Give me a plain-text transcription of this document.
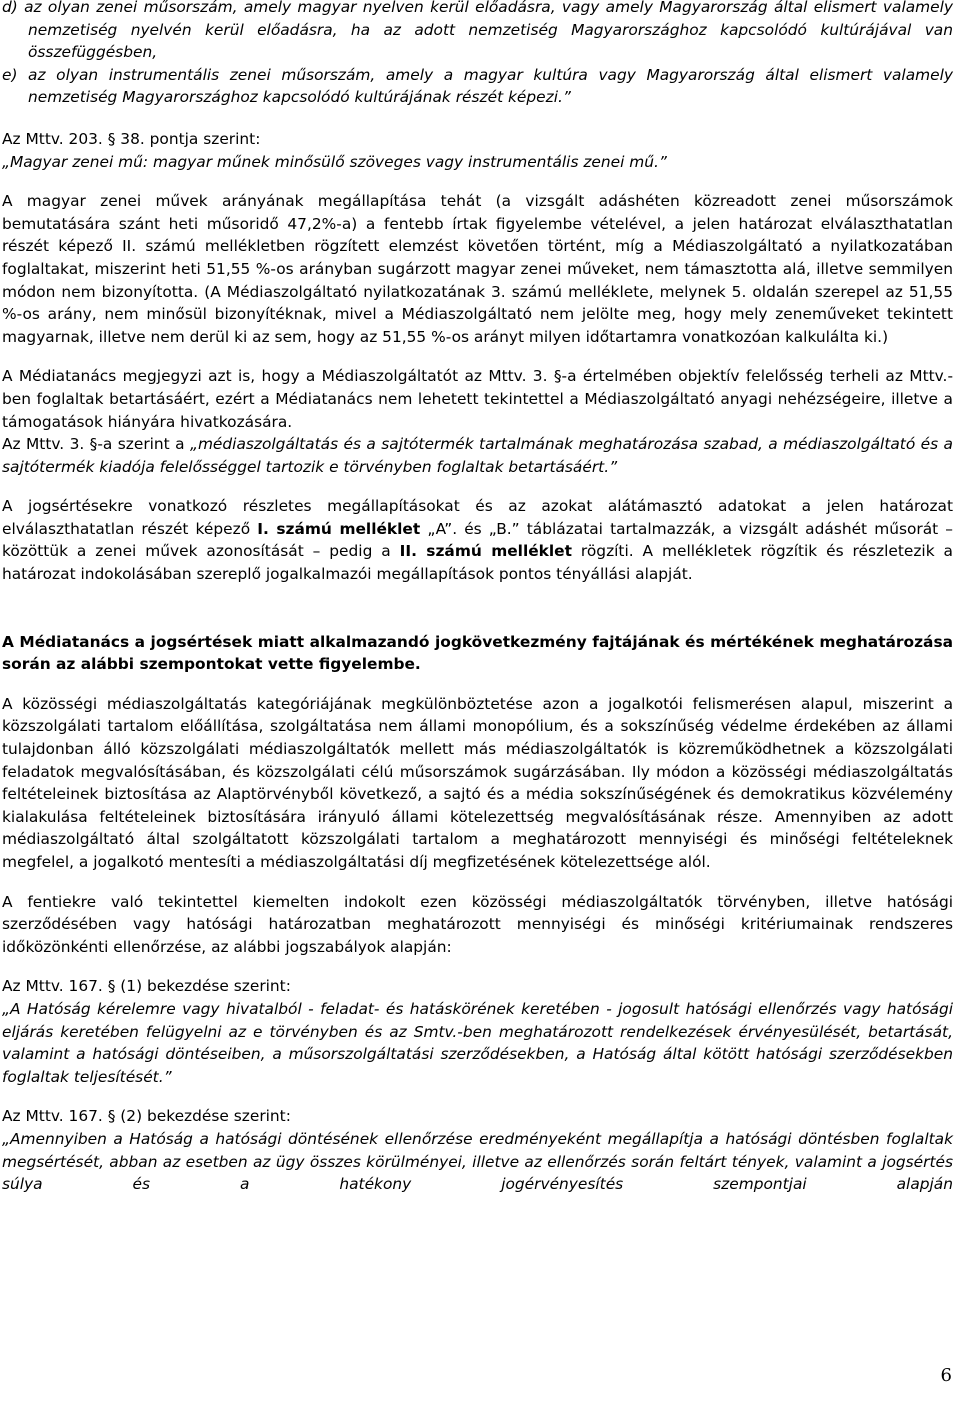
d) az olyan zenei műsorszám, amely magyar nyelven kerül előadásra, vagy amely Magyarország által elismert valamely nemzetiség nyelvén kerül előadásra, ha az adott nemzetiség Magyarországhoz kapcsolódó kultúrájával van összefüggésben,

e) az olyan instrumentális zenei műsorszám, amely a magyar kultúra vagy Magyarország által elismert valamely nemzetiség Magyarországhoz kapcsolódó kultúrájának részét képezi.”

Az Mttv. 203. § 38. pontja szerint:

„Magyar zenei mű: magyar műnek minősülő szöveges vagy instrumentális zenei mű.”

A magyar zenei művek arányának megállapítása tehát (a vizsgált adáshéten közreadott zenei műsorszámok bemutatására szánt heti műsoridő 47,2%-a) a fentebb írtak figyelembe vételével, a jelen határozat elválaszthatatlan részét képező II. számú mellékletben rögzített elemzést követően történt, míg a Médiaszolgáltató a nyilatkozatában foglaltakat, miszerint heti 51,55 %-os arányban sugárzott magyar zenei műveket, nem támasztotta alá, illetve semmilyen módon nem bizonyította. (A Médiaszolgáltató nyilatkozatának 3. számú melléklete, melynek 5. oldalán szerepel az 51,55 %-os arány, nem minősül bizonyítéknak, mivel a Médiaszolgáltató nem jelölte meg, hogy mely zeneműveket tekintett magyarnak, illetve nem derül ki az sem, hogy az 51,55 %-os arányt milyen időtartamra vonatkozóan kalkulálta ki.)

A Médiatanács megjegyzi azt is, hogy a Médiaszolgáltatót az Mttv. 3. §-a értelmében objektív felelősség terheli az Mttv.-ben foglaltak betartásáért, ezért a Médiatanács nem lehetett tekintettel a Médiaszolgáltató anyagi nehézségeire, illetve a támogatások hiányára hivatkozására.

Az Mttv. 3. §-a szerint a „médiaszolgáltatás és a sajtótermék tartalmának meghatározása szabad, a médiaszolgáltató és a sajtótermék kiadója felelősséggel tartozik e törvényben foglaltak betartásáért.”

A jogsértésekre vonatkozó részletes megállapításokat és az azokat alátámasztó adatokat a jelen határozat elválaszthatatlan részét képező I. számú melléklet „A”. és „B.” táblázatai tartalmazzák, a vizsgált adáshét műsorát – közöttük a zenei művek azonosítását – pedig a II. számú melléklet rögzíti. A mellékletek rögzítik és részletezik a határozat indokolásában szereplő jogalkalmazói megállapítások pontos tényállási alapját.

A Médiatanács a jogsértések miatt alkalmazandó jogkövetkezmény fajtájának és mértékének meghatározása során az alábbi szempontokat vette figyelembe.

A közösségi médiaszolgáltatás kategóriájának megkülönböztetése azon a jogalkotói felismerésen alapul, miszerint a közszolgálati tartalom előállítása, szolgáltatása nem állami monopólium, és a sokszínűség védelme érdekében az állami tulajdonban álló közszolgálati médiaszolgáltatók mellett más médiaszolgáltatók is közreműködhetnek a közszolgálati feladatok megvalósításában, és közszolgálati célú műsorszámok sugárzásában. Ily módon a közösségi médiaszolgáltatás feltételeinek biztosítása az Alaptörvényből következő, a sajtó és a média sokszínűségének és demokratikus közvélemény kialakulása feltételeinek biztosítására irányuló állami kötelezettség megvalósításának része. Amennyiben az adott médiaszolgáltató által szolgáltatott közszolgálati tartalom a meghatározott mennyiségi és minőségi feltételeknek megfelel, a jogalkotó mentesíti a médiaszolgáltatási díj megfizetésének kötelezettsége alól.

A fentiekre való tekintettel kiemelten indokolt ezen közösségi médiaszolgáltatók törvényben, illetve hatósági szerződésében vagy hatósági határozatban meghatározott mennyiségi és minőségi kritériumainak rendszeres időközönkénti ellenőrzése, az alábbi jogszabályok alapján:

Az Mttv. 167. § (1) bekezdése szerint:

„A Hatóság kérelemre vagy hivatalból - feladat- és hatáskörének keretében - jogosult hatósági ellenőrzés vagy hatósági eljárás keretében felügyelni az e törvényben és az Smtv.-ben meghatározott rendelkezések érvényesülését, betartását, valamint a hatósági döntéseiben, a műsorszolgáltatási szerződésekben, a Hatóság által kötött hatósági szerződésekben foglaltak teljesítését.”

Az Mttv. 167. § (2) bekezdése szerint:

„Amennyiben a Hatóság a hatósági döntésének ellenőrzése eredményeként megállapítja a hatósági döntésben foglaltak megsértését, abban az esetben az ügy összes körülményei, illetve az ellenőrzés során feltárt tények, valamint a jogsértés súlya és a hatékony jogérvényesítés szempontjai alapján

6
